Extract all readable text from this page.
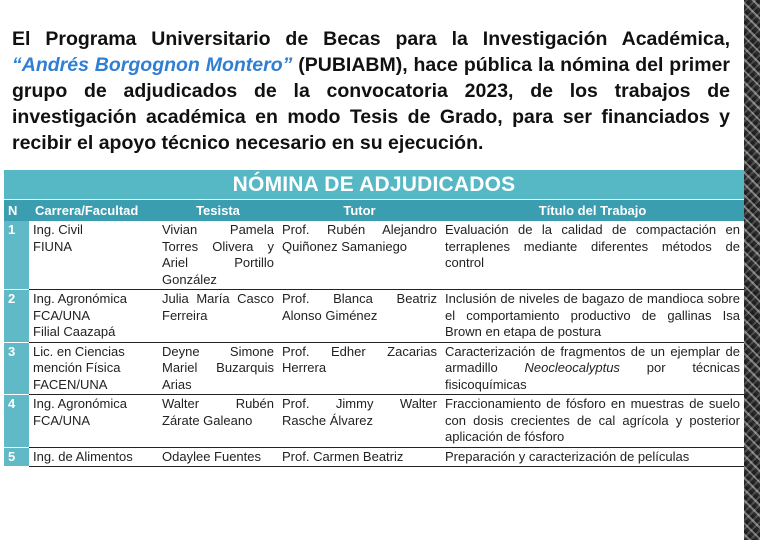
El Programa Universitario de Becas para la Investigación Académica, “Andrés Borgognon Montero” (PUBIABM), hace pública la nómina del primer grupo de adjudicados de la convocatoria 2023, de los trabajos de investigación académica en modo Tesis de Grado, para ser financiados y recibir el apoyo técnico necesario en su ejecución.

NÓMINA DE ADJUDICADOS				
N	Carrera/Facultad	Tesista	Tutor	Título del Trabajo
1	Ing. Civil
FIUNA	Vivian Pamela Torres Olivera y Ariel Portillo González	Prof. Rubén Alejandro Quiñonez Samaniego	Evaluación de la calidad de compactación en terraplenes mediante diferentes métodos de control
2	Ing. Agronómica
FCA/UNA
Filial Caazapá	Julia María Casco Ferreira	Prof. Blanca Beatriz Alonso Giménez	Inclusión de niveles de bagazo de mandioca sobre el comportamiento productivo de gallinas Isa Brown en etapa de postura
3	Lic. en Ciencias
mención Física
FACEN/UNA	Deyne Simone Mariel Buzarquis Arias	Prof. Edher Zacarias Herrera	Caracterización de fragmentos de un ejemplar de armadillo Neocleocalyptus por técnicas fisicoquímicas
4	Ing. Agronómica
FCA/UNA	Walter Rubén Zárate Galeano	Prof. Jimmy Walter Rasche Álvarez	Fraccionamiento de fósforo en muestras de suelo con dosis crecientes de cal agrícola y posterior aplicación de fósforo
5	Ing. de Alimentos	Odaylee Fuentes	Prof. Carmen Beatriz	Preparación y caracterización de películas
